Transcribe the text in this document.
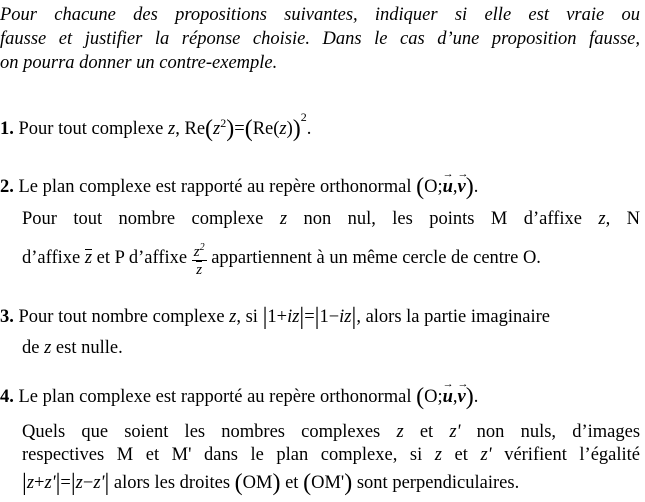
Pour chacune des propositions suivantes, indiquer si elle est vraie ou
fausse et justifier la réponse choisie. Dans le cas d’une proposition fausse,
on pourra donner un contre-exemple.
1. Pour tout complexe z, $Re(z^2)=(Re(z))^2$.
2. Le plan complexe est rapporté au repère orthonormal (O;→ u,→ v).
Pour tout nombre complexe z non nul, les points M d’affixe z, N
d’affixe z et P d’affixe $\frac{z^2}{z}$ appartiennent à un même cercle de centre O.
3. Pour tout nombre complexe z, si |1+iz|=|1−iz|, alors la partie imaginaire
de z est nulle.
4. Le plan complexe est rapporté au repère orthonormal (O;→ u,→ v).
Quels que soient les nombres complexes z et z' non nuls, d’images
respectives M et M' dans le plan complexe, si z et z' vérifient l’égalité
|z+z'|=|z−z'| alors les droites (OM) et (OM') sont perpendiculaires.
